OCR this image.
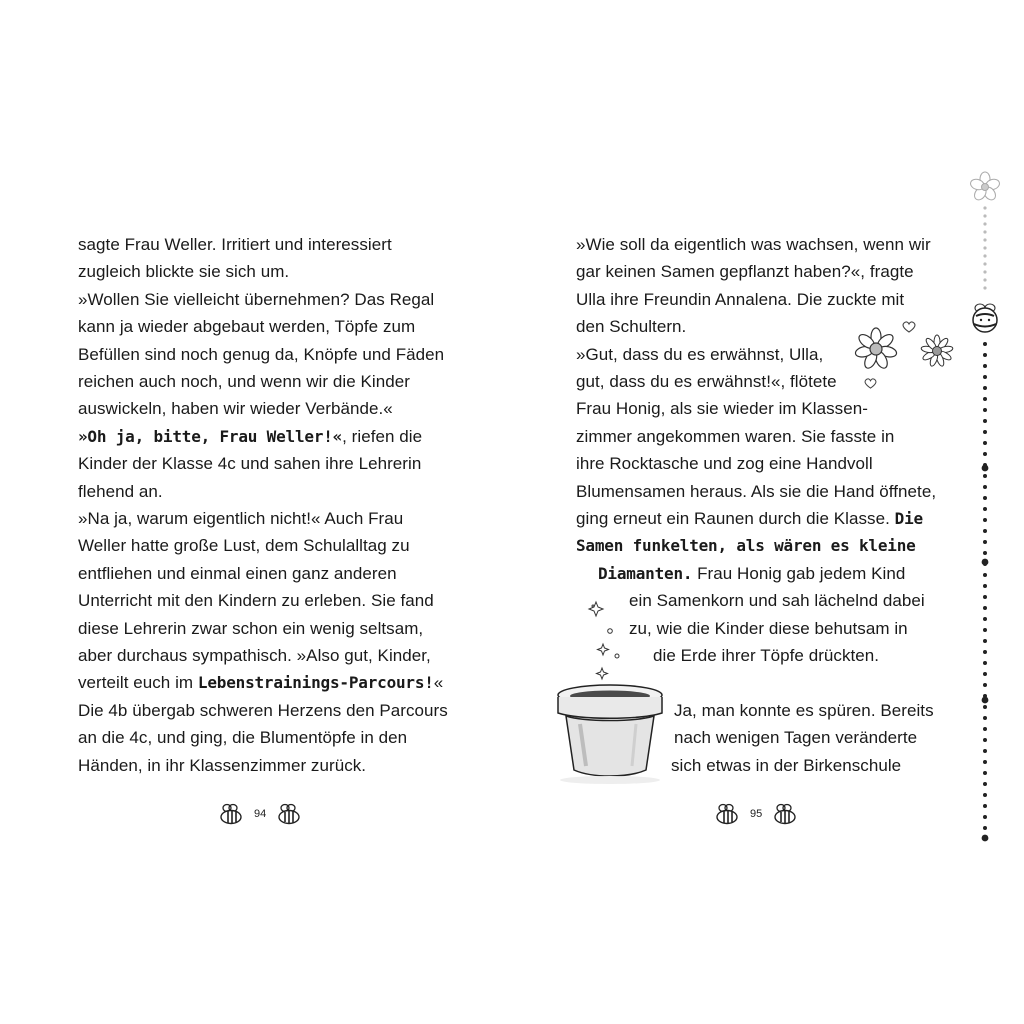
sagte Frau Weller. Irritiert und interessiert
zugleich blickte sie sich um.
»Wollen Sie vielleicht übernehmen? Das Regal
kann ja wieder abgebaut werden, Töpfe zum
Befüllen sind noch genug da, Knöpfe und Fäden
reichen auch noch, und wenn wir die Kinder
auswickeln, haben wir wieder Verbände.«
»Oh ja, bitte, Frau Weller!«, riefen die
Kinder der Klasse 4c und sahen ihre Lehrerin
flehend an.
»Na ja, warum eigentlich nicht!« Auch Frau
Weller hatte große Lust, dem Schulalltag zu
entfliehen und einmal einen ganz anderen
Unterricht mit den Kindern zu erleben. Sie fand
diese Lehrerin zwar schon ein wenig seltsam,
aber durchaus sympathisch. »Also gut, Kinder,
verteilt euch im Lebenstrainings-Parcours!«
Die 4b übergab schweren Herzens den Parcours
an die 4c, und ging, die Blumentöpfe in den
Händen, in ihr Klassenzimmer zurück.
94
»Wie soll da eigentlich was wachsen, wenn wir
gar keinen Samen gepflanzt haben?«, fragte
Ulla ihre Freundin Annalena. Die zuckte mit
den Schultern.
»Gut, dass du es erwähnst, Ulla,
gut, dass du es erwähnst!«, flötete
Frau Honig, als sie wieder im Klassen-
zimmer angekommen waren. Sie fasste in
ihre Rocktasche und zog eine Handvoll
Blumensamen heraus. Als sie die Hand öffnete,
ging erneut ein Raunen durch die Klasse. Die
Samen funkelten, als wären es kleine
Diamanten. Frau Honig gab jedem Kind
ein Samenkorn und sah lächelnd dabei
zu, wie die Kinder diese behutsam in
die Erde ihrer Töpfe drückten.
Ja, man konnte es spüren. Bereits
nach wenigen Tagen veränderte
sich etwas in der Birkenschule
95
